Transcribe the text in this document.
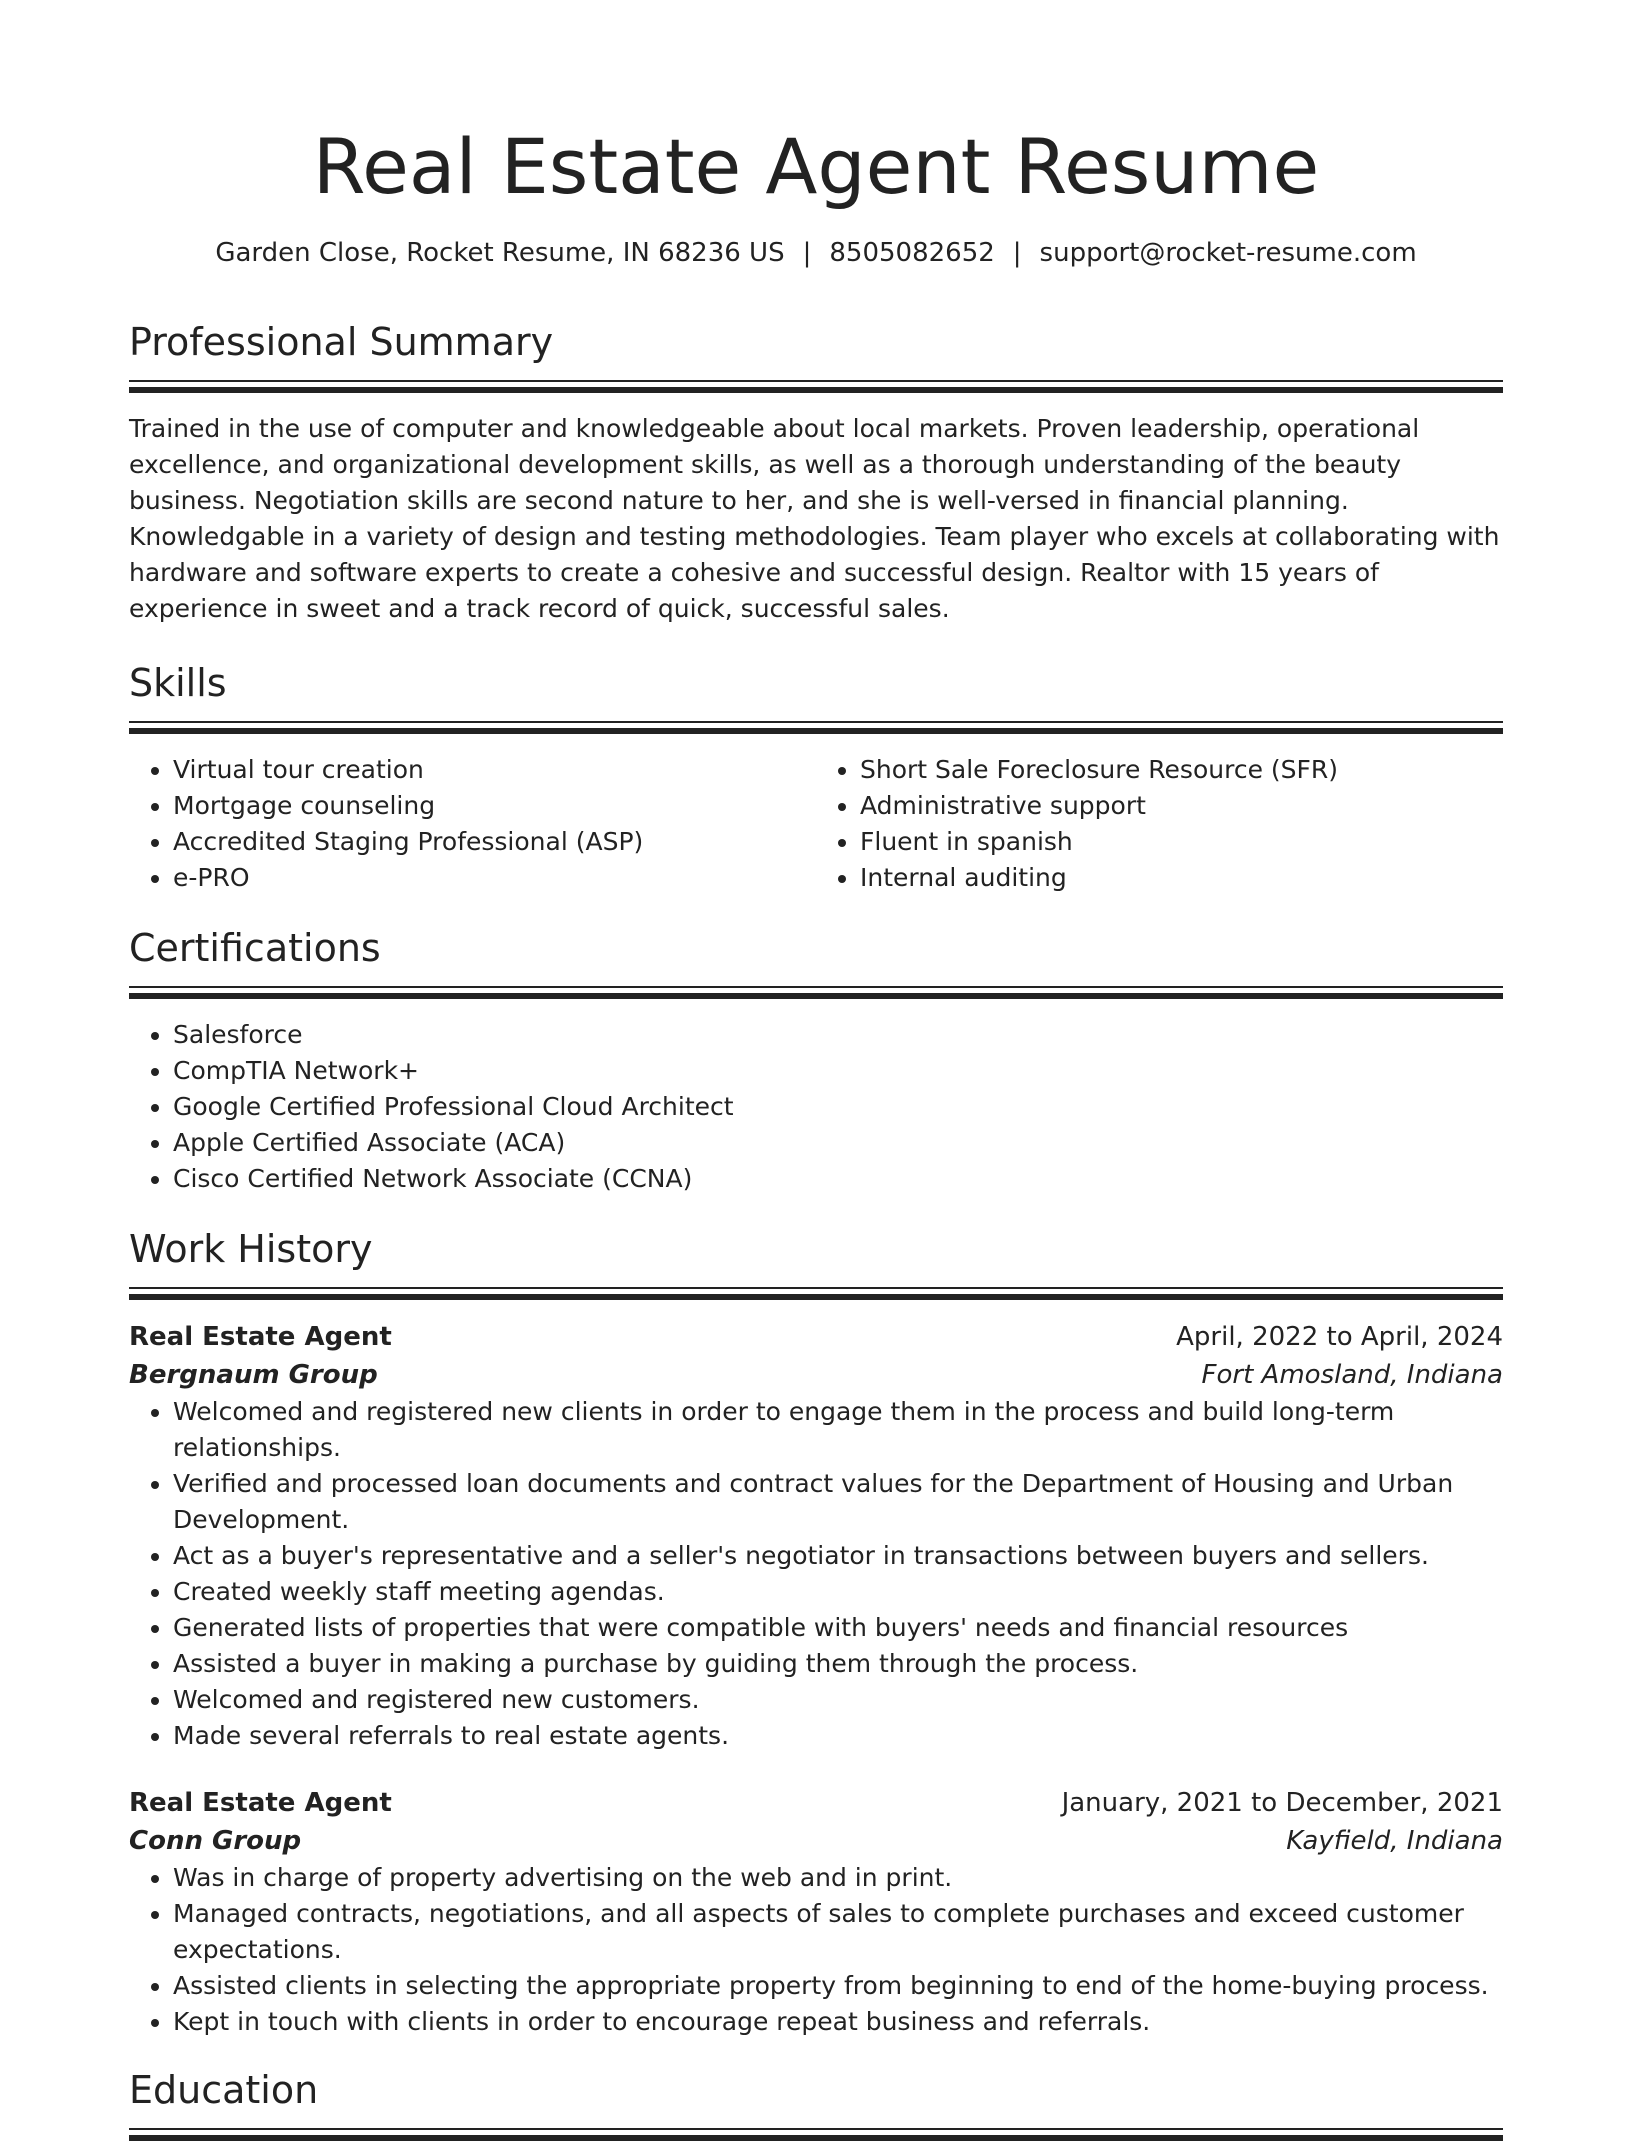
Real Estate Agent Resume
Garden Close, Rocket Resume, IN 68236 US | 8505082652 | support@rocket-resume.com
Professional Summary

Trained in the use of computer and knowledgeable about local markets. Proven leadership, operational excellence, and organizational development skills, as well as a thorough understanding of the beauty business. Negotiation skills are second nature to her, and she is well-versed in financial planning. Knowledgable in a variety of design and testing methodologies. Team player who excels at collaborating with hardware and software experts to create a cohesive and successful design. Realtor with 15 years of experience in sweet and a track record of quick, successful sales.

Skills
• Virtual tour creation
• Mortgage counseling
• Accredited Staging Professional (ASP)
• e-PRO
• Short Sale Foreclosure Resource (SFR)
• Administrative support
• Fluent in spanish
• Internal auditing
Certifications
• Salesforce
• CompTIA Network+
• Google Certified Professional Cloud Architect
• Apple Certified Associate (ACA)
• Cisco Certified Network Associate (CCNA)
Work History
Real Estate Agent	April, 2022 to April, 2024
Bergnaum Group	Fort Amosland, Indiana
• Welcomed and registered new clients in order to engage them in the process and build long-term relationships.
• Verified and processed loan documents and contract values for the Department of Housing and Urban Development.
• Act as a buyer's representative and a seller's negotiator in transactions between buyers and sellers.
• Created weekly staff meeting agendas.
• Generated lists of properties that were compatible with buyers' needs and financial resources
• Assisted a buyer in making a purchase by guiding them through the process.
• Welcomed and registered new customers.
• Made several referrals to real estate agents.
Real Estate Agent	January, 2021 to December, 2021
Conn Group	Kayfield, Indiana
• Was in charge of property advertising on the web and in print.
• Managed contracts, negotiations, and all aspects of sales to complete purchases and exceed customer expectations.
• Assisted clients in selecting the appropriate property from beginning to end of the home-buying process.
• Kept in touch with clients in order to encourage repeat business and referrals.
Education
